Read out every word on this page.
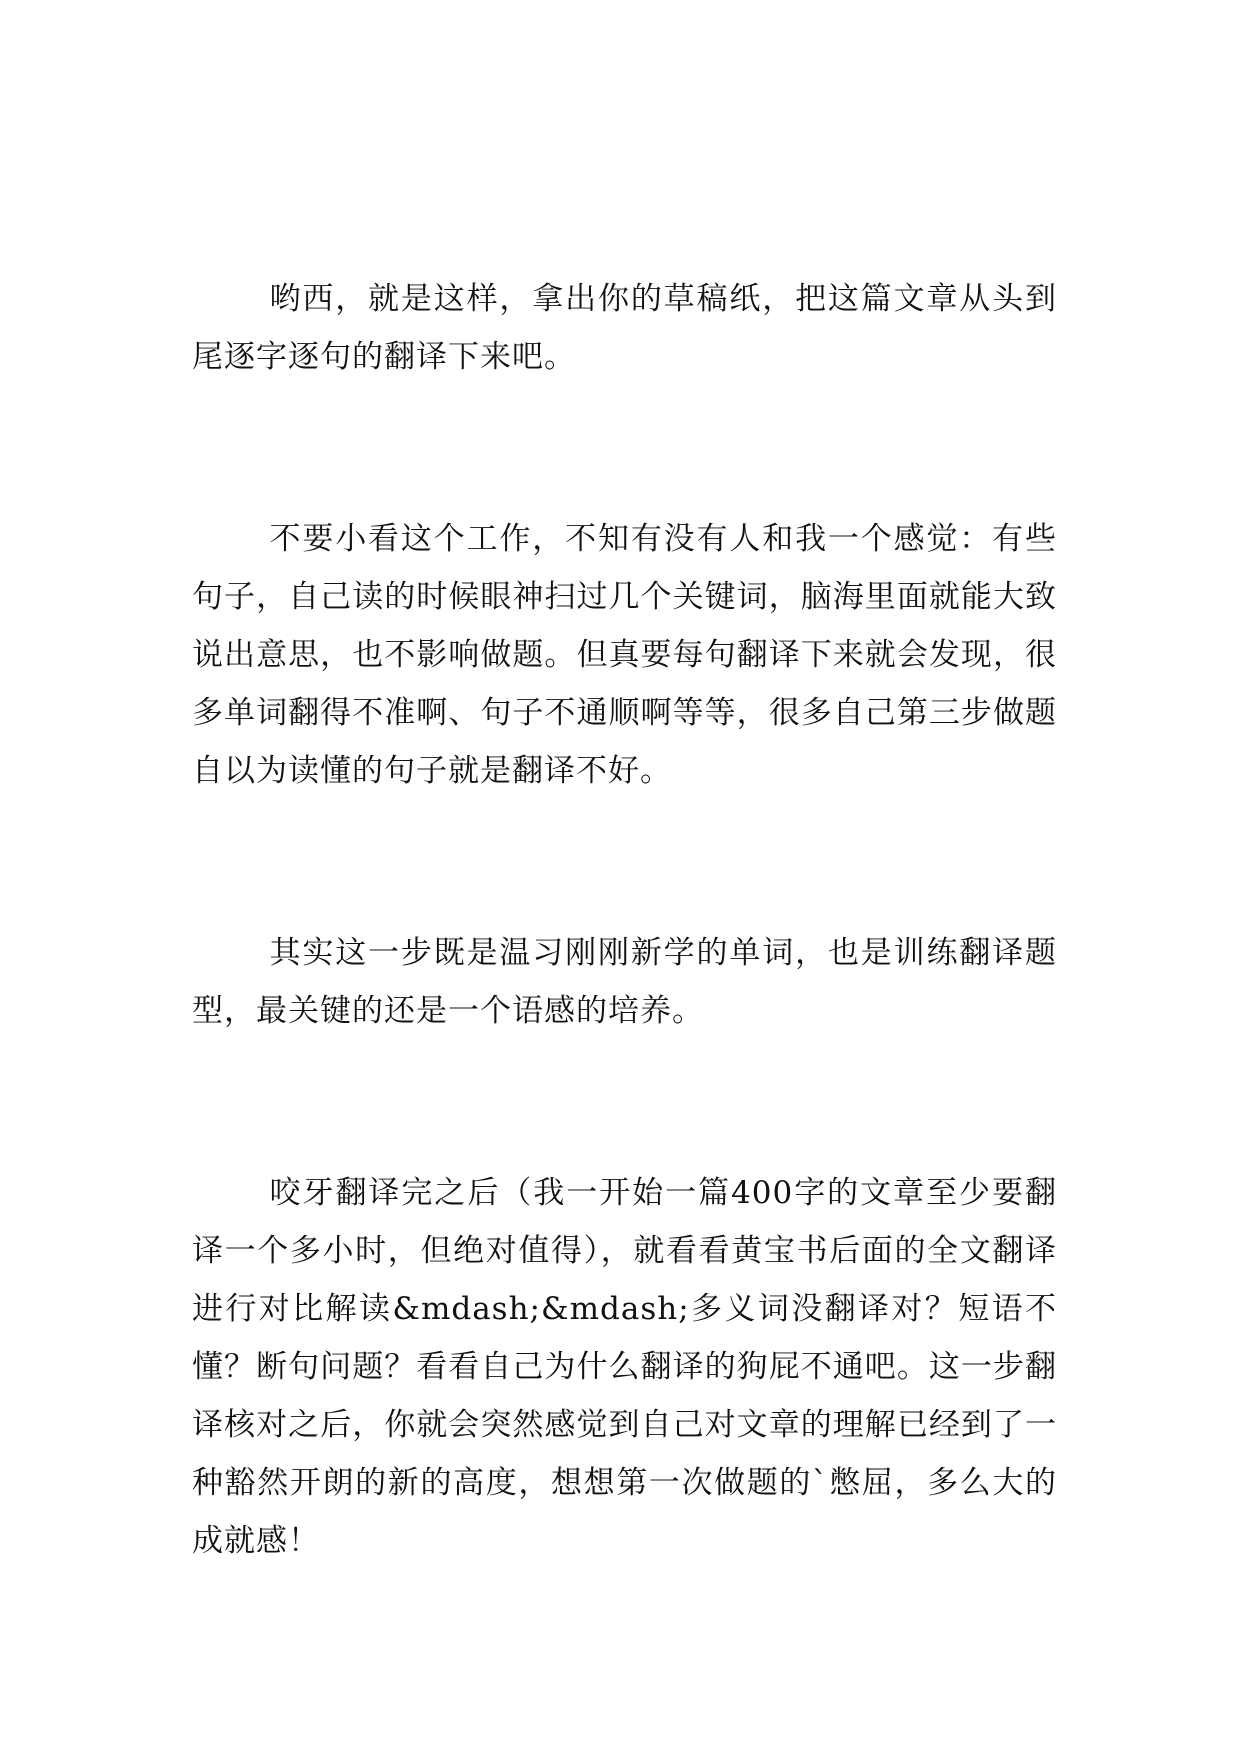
哟西，就是这样，拿出你的草稿纸，把这篇文章从头到尾逐字逐句的翻译下来吧。

不要小看这个工作，不知有没有人和我一个感觉：有些句子，自己读的时候眼神扫过几个关键词，脑海里面就能大致说出意思，也不影响做题。但真要每句翻译下来就会发现，很多单词翻得不准啊、句子不通顺啊等等，很多自己第三步做题自以为读懂的句子就是翻译不好。

其实这一步既是温习刚刚新学的单词，也是训练翻译题型，最关键的还是一个语感的培养。

咬牙翻译完之后（我一开始一篇400字的文章至少要翻译一个多小时，但绝对值得），就看看黄宝书后面的全文翻译进行对比解读&mdash;&mdash;多义词没翻译对？短语不懂？断句问题？看看自己为什么翻译的狗屁不通吧。这一步翻译核对之后，你就会突然感觉到自己对文章的理解已经到了一种豁然开朗的新的高度，想想第一次做题的`憋屈，多么大的成就感！
